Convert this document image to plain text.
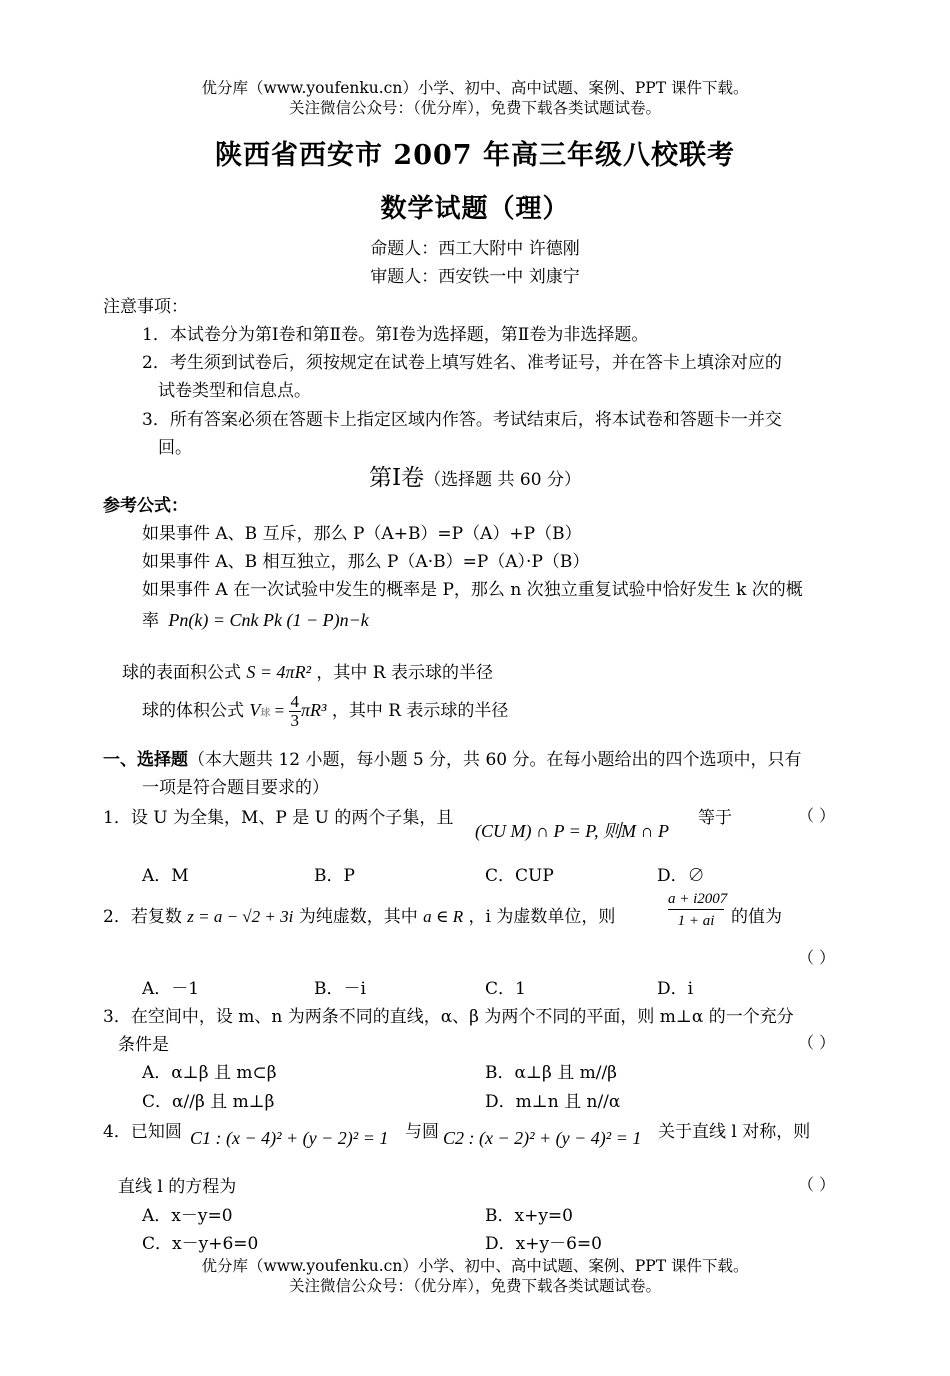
优分库（www.youfenku.cn）小学、初中、高中试题、案例、PPT 课件下载。
关注微信公众号：（优分库），免费下载各类试题试卷。
陕西省西安市 2007 年高三年级八校联考
数学试题（理）
命题人：西工大附中 许德刚
审题人：西安铁一中 刘康宁
注意事项：
1．本试卷分为第Ⅰ卷和第Ⅱ卷。第Ⅰ卷为选择题，第Ⅱ卷为非选择题。
2．考生须到试卷后，须按规定在试卷上填写姓名、准考证号，并在答卡上填涂对应的
试卷类型和信息点。
3．所有答案必须在答题卡上指定区域内作答。考试结束后，将本试卷和答题卡一并交
回。
第Ⅰ卷（选择题 共 60 分）
参考公式：
如果事件 A、B 互斥，那么 P（A+B）=P（A）+P（B）
如果事件 A、B 相互独立，那么 P（A·B）=P（A）·P（B）
如果事件 A 在一次试验中发生的概率是 P，那么 n 次独立重复试验中恰好发生 k 次的概
率 Pn(k) = Cnk Pk (1 − P)n−k
球的表面积公式 S = 4πR² ，其中 R 表示球的半径
球的体积公式 V球 = $\frac{4}{3} \pi R^3$ ，其中 R 表示球的半径
一、选择题（本大题共 12 小题，每小题 5 分，共 60 分。在每小题给出的四个选项中，只有
一项是符合题目要求的）
1．设 U 为全集，M、P 是 U 的两个子集，且
(CU M) ∩ P = P, 则M ∩ P
等于	（ ）
A．M	B．P	C．CUP	D．∅
2．若复数 z = a − √2 + 3i 为纯虚数，其中 a ∈ R ，i 为虚数单位，则	$\frac{a + i2007}{1 + ai}$ 的值为
（ ）
A．－1	B．－i	C．1	D．i
3．在空间中，设 m、n 为两条不同的直线，α、β 为两个不同的平面，则 m⊥α 的一个充分
条件是	（ ）
A．α⊥β 且 m⊂β	B．α⊥β 且 m//β
C．α//β 且 m⊥β	D．m⊥n 且 n//α
4．已知圆 C1 : (x − 4)² + (y − 2)² = 1 与圆 C2 : (x − 2)² + (y − 4)² = 1 关于直线 l 对称，则
直线 l 的方程为	（ ）
A．x－y=0	B．x+y=0
C．x－y+6=0	D．x+y－6=0
优分库（www.youfenku.cn）小学、初中、高中试题、案例、PPT 课件下载。
关注微信公众号：（优分库），免费下载各类试题试卷。
